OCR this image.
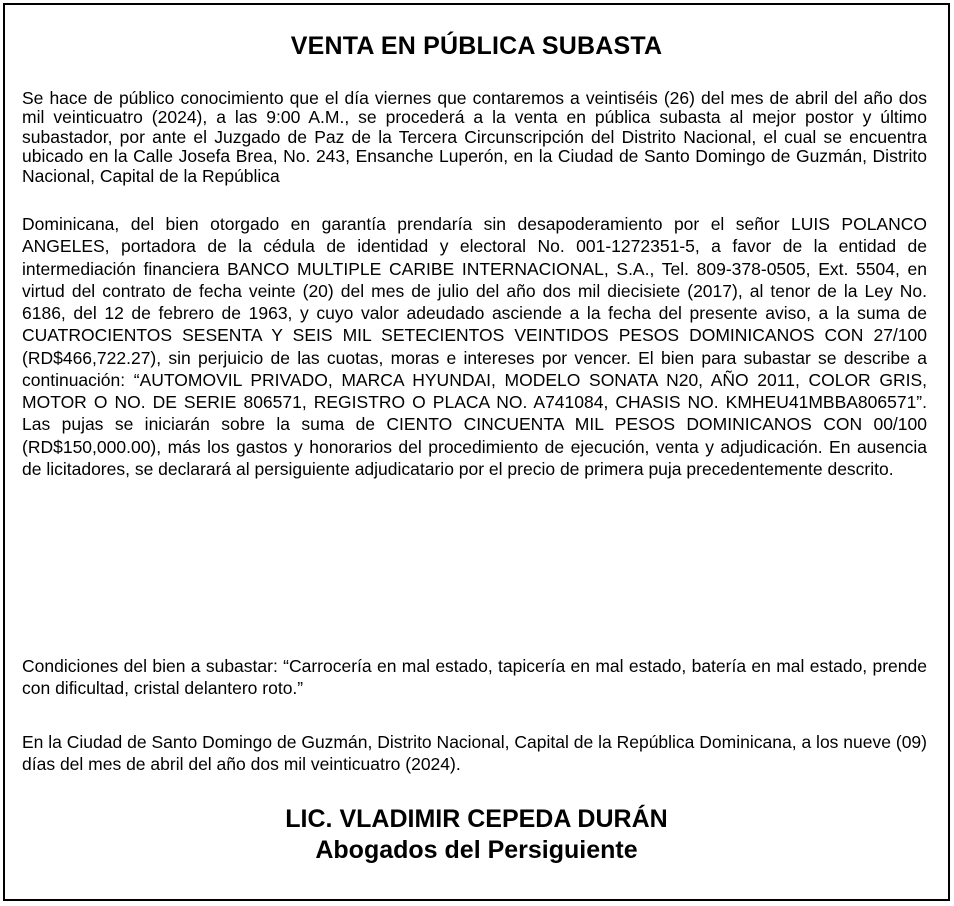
VENTA EN PÚBLICA SUBASTA

Se hace de público conocimiento que el día viernes que contaremos a veintiséis (26) del mes de abril del año dos mil veinticuatro (2024), a las 9:00 A.M., se procederá a la venta en pública subasta al mejor postor y último subastador, por ante el Juzgado de Paz de la Tercera Circunscripción del Distrito Nacional, el cual se encuentra ubicado en la Calle Josefa Brea, No. 243, Ensanche Luperón, en la Ciudad de Santo Domingo de Guzmán, Distrito Nacional, Capital de la República

Dominicana, del bien otorgado en garantía prendaría sin desapoderamiento por el señor LUIS POLANCO ANGELES, portadora de la cédula de identidad y electoral No. 001-1272351-5, a favor de la entidad de intermediación financiera BANCO MULTIPLE CARIBE INTERNACIONAL, S.A., Tel. 809-378-0505, Ext. 5504, en virtud del contrato de fecha veinte (20) del mes de julio del año dos mil diecisiete (2017), al tenor de la Ley No. 6186, del 12 de febrero de 1963, y cuyo valor adeudado asciende a la fecha del presente aviso, a la suma de CUATROCIENTOS SESENTA Y SEIS MIL SETECIENTOS VEINTIDOS PESOS DOMINICANOS CON 27/100 (RD$466,722.27), sin perjuicio de las cuotas, moras e intereses por vencer. El bien para subastar se describe a continuación: “AUTOMOVIL PRIVADO, MARCA HYUNDAI, MODELO SONATA N20, AÑO 2011, COLOR GRIS, MOTOR O NO. DE SERIE 806571, REGISTRO O PLACA NO. A741084, CHASIS NO. KMHEU41MBBA806571”. Las pujas se iniciarán sobre la suma de CIENTO CINCUENTA MIL PESOS DOMINICANOS CON 00/100 (RD$150,000.00), más los gastos y honorarios del procedimiento de ejecución, venta y adjudicación. En ausencia de licitadores, se declarará al persiguiente adjudicatario por el precio de primera puja precedentemente descrito.

Condiciones del bien a subastar: “Carrocería en mal estado, tapicería en mal estado, batería en mal estado, prende con dificultad, cristal delantero roto.”

En la Ciudad de Santo Domingo de Guzmán, Distrito Nacional, Capital de la República Dominicana, a los nueve (09) días del mes de abril del año dos mil veinticuatro (2024).

LIC. VLADIMIR CEPEDA DURÁN
Abogados del Persiguiente
